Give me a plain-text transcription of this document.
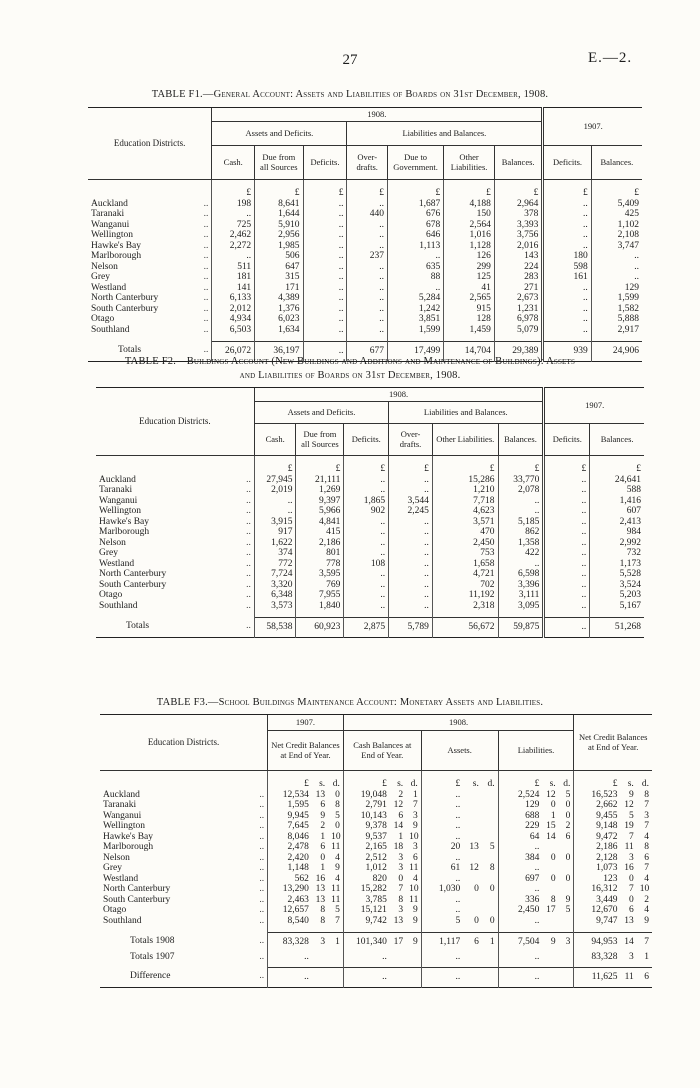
27	E.—2.
TABLE F1.—General Account: Assets and Liabilities of Boards on 31st December, 1908.
Education Districts.		1908.							1907.	
		Assets and Deficits.			Liabilities and Balances.					
		Cash.	Due from all Sources	Deficits.	Over-drafts.	Due to Government.	Other Liabilities.	Balances.	Deficits.	Balances.
		£	£	£	£	£	£	£	£	£
Auckland	..	198	8,641	..	..	1,687	4,188	2,964	..	5,409
Taranaki	..	..	1,644	..	440	676	150	378	..	425
Wanganui	..	725	5,910	..	..	678	2,564	3,393	..	1,102
Wellington	..	2,462	2,956	..	..	646	1,016	3,756	..	2,108
Hawke's Bay	..	2,272	1,985	..	..	1,113	1,128	2,016	..	3,747
Marlborough	..	..	506	..	237	..	126	143	180	..
Nelson	..	511	647	..	..	635	299	224	598	..
Grey	..	181	315	..	..	88	125	283	161	..
Westland	..	141	171	..	..	..	41	271	..	129
North Canterbury	..	6,133	4,389	..	..	5,284	2,565	2,673	..	1,599
South Canterbury	..	2,012	1,376	..	..	1,242	915	1,231	..	1,582
Otago	..	4,934	6,023	..	..	3,851	128	6,978	..	5,888
Southland	..	6,503	1,634	..	..	1,599	1,459	5,079	..	2,917

Totals	..	26,072	36,197	..	677	17,499	14,704	29,389	939	24,906
TABLE F2.—Buildings Account (New Buildings and Additions and Maintenance of Buildings): Assets
and Liabilities of Boards on 31st December, 1908.
Education Districts.		1908.						1907.	
		Assets and Deficits.			Liabilities and Balances.				
		Cash.	Due from all Sources	Deficits.	Over-drafts.	Other Liabilities.	Balances.	Deficits.	Balances.
		£	£	£	£	£	£	£	£
Auckland	..	27,945	21,111	..	..	15,286	33,770	..	24,641
Taranaki	..	2,019	1,269	..	..	1,210	2,078	..	588
Wanganui	..	..	9,397	1,865	3,544	7,718	..	..	1,416
Wellington	..	..	5,966	902	2,245	4,623	..	..	607
Hawke's Bay	..	3,915	4,841	..	..	3,571	5,185	..	2,413
Marlborough	..	917	415	..	..	470	862	..	984
Nelson	..	1,622	2,186	..	..	2,450	1,358	..	2,992
Grey	..	374	801	..	..	753	422	..	732
Westland	..	772	778	108	..	1,658	..	..	1,173
North Canterbury	..	7,724	3,595	..	..	4,721	6,598	..	5,528
South Canterbury	..	3,320	769	..	..	702	3,396	..	3,524
Otago	..	6,348	7,955	..	..	11,192	3,111	..	5,203
Southland	..	3,573	1,840	..	..	2,318	3,095	..	5,167

Totals	..	58,538	60,923	2,875	5,789	56,672	59,875	..	51,268
TABLE F3.—School Buildings Maintenance Account: Monetary Assets and Liabilities.
Education Districts.		1907.			1908.									Net Credit Balances at End of Year.		
		Net Credit Balances at End of Year.			Cash Balances at End of Year.			Assets.			Liabilities.					
		£	s.	d.	£	s.	d.	£	s.	d.	£	s.	d.	£	s.	d.
Auckland	..	12,534	13	0	19,048	2	1	..			2,524	12	5	16,523	9	8
Taranaki	..	1,595	6	8	2,791	12	7	..			129	0	0	2,662	12	7
Wanganui	..	9,945	9	5	10,143	6	3	..			688	1	0	9,455	5	3
Wellington	..	7,645	2	0	9,378	14	9	..			229	15	2	9,148	19	7
Hawke's Bay	..	8,046	1	10	9,537	1	10	..			64	14	6	9,472	7	4
Marlborough	..	2,478	6	11	2,165	18	3	20	13	5	..			2,186	11	8
Nelson	..	2,420	0	4	2,512	3	6	..			384	0	0	2,128	3	6
Grey	..	1,148	1	9	1,012	3	11	61	12	8	..			1,073	16	7
Westland	..	562	16	4	820	0	4	..			697	0	0	123	0	4
North Canterbury	..	13,290	13	11	15,282	7	10	1,030	0	0	..			16,312	7	10
South Canterbury	..	2,463	13	11	3,785	8	11	..			336	8	9	3,449	0	2
Otago	..	12,657	8	5	15,121	3	9	..			2,450	17	5	12,670	6	4
Southland	..	8,540	8	7	9,742	13	9	5	0	0	..			9,747	13	9

Totals 1908	..	83,328	3	1	101,340	17	9	1,117	6	1	7,504	9	3	94,953	14	7
Totals 1907	..	..			..			..			..			83,328	3	1
Difference	..	..			..			..			..			11,625	11	6
